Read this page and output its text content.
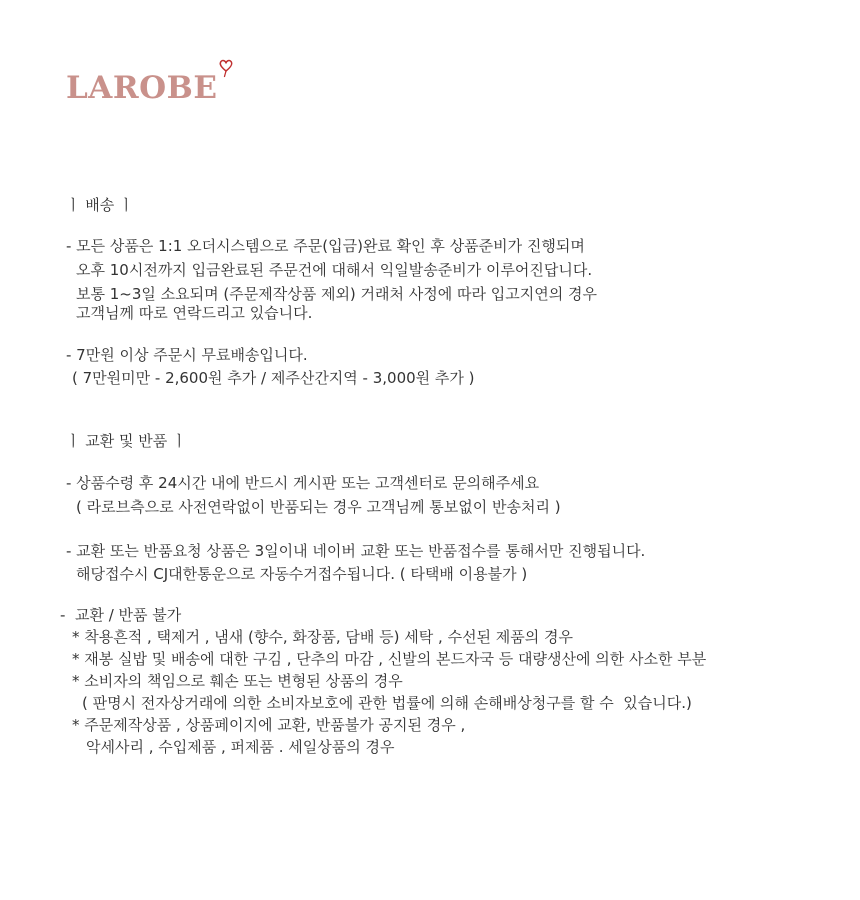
LAROBE
ㅣ 배송 ㅣ
- 모든 상품은 1:1 오더시스템으로 주문(입금)완료 확인 후 상품준비가 진행되며
오후 10시전까지 입금완료된 주문건에 대해서 익일발송준비가 이루어진답니다.
보통 1~3일 소요되며 (주문제작상품 제외) 거래처 사정에 따라 입고지연의 경우
고객님께 따로 연락드리고 있습니다.
- 7만원 이상 주문시 무료배송입니다.
( 7만원미만 - 2,600원 추가 / 제주산간지역 - 3,000원 추가 )
ㅣ 교환 및 반품 ㅣ
- 상품수령 후 24시간 내에 반드시 게시판 또는 고객센터로 문의해주세요
( 라로브측으로 사전연락없이 반품되는 경우 고객님께 통보없이 반송처리 )
- 교환 또는 반품요청 상품은 3일이내 네이버 교환 또는 반품접수를 통해서만 진행됩니다.
해당접수시 CJ대한통운으로 자동수거접수됩니다. ( 타택배 이용불가 )
-  교환 / 반품 불가
* 착용흔적 , 택제거 , 냄새 (향수, 화장품, 담배 등) 세탁 , 수선된 제품의 경우
* 재봉 실밥 및 배송에 대한 구김 , 단추의 마감 , 신발의 본드자국 등 대량생산에 의한 사소한 부분
* 소비자의 책임으로 훼손 또는 변형된 상품의 경우
( 판명시 전자상거래에 의한 소비자보호에 관한 법률에 의해 손해배상청구를 할 수  있습니다.)
* 주문제작상품 , 상품페이지에 교환, 반품불가 공지된 경우 ,
악세사리 , 수입제품 , 퍼제품 . 세일상품의 경우
